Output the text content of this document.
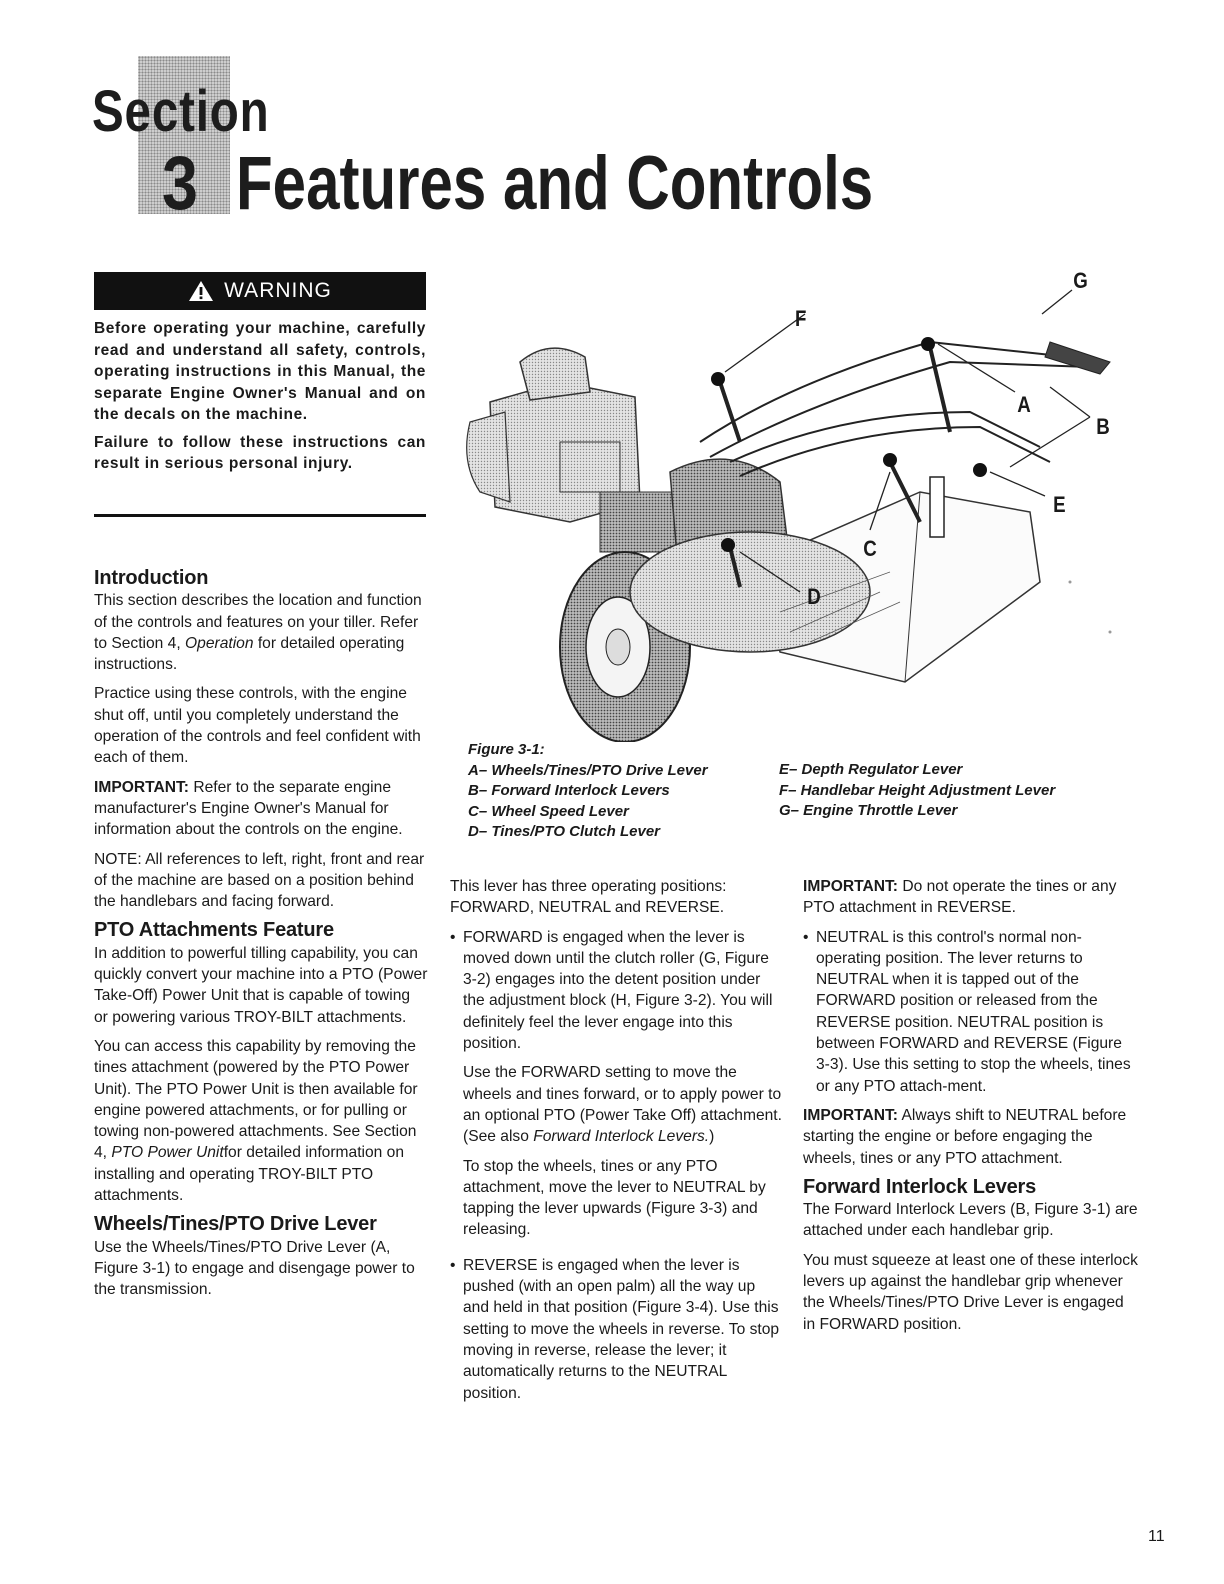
Section
3 Features and Controls
WARNING
Before operating your machine, carefully read and understand all safety, controls, operating instructions in this Manual, the separate Engine Owner's Manual and on the decals on the machine.
Failure to follow these instructions can result in serious personal injury.
Introduction

This section describes the location and function of the controls and features on your tiller. Refer to Section 4, Operation for detailed operating instructions.

Practice using these controls, with the engine shut off, until you completely understand the operation of the controls and feel confident with each of them.

IMPORTANT: Refer to the separate engine manufacturer's Engine Owner's Manual for information about the controls on the engine.

NOTE: All references to left, right, front and rear of the machine are based on a position behind the handlebars and facing forward.

PTO Attachments Feature

In addition to powerful tilling capability, you can quickly convert your machine into a PTO (Power Take-Off) Power Unit that is capable of towing or powering various TROY-BILT attachments.

You can access this capability by removing the tines attachment (powered by the PTO Power Unit). The PTO Power Unit is then available for engine powered attachments, or for pulling or towing non-powered attachments. See Section 4, PTO Power Unitfor detailed information on installing and operating TROY-BILT PTO attachments.

Wheels/Tines/PTO Drive Lever

Use the Wheels/Tines/PTO Drive Lever (A, Figure 3-1) to engage and disengage power to the transmission.

This lever has three operating positions: FORWARD, NEUTRAL and REVERSE.

• FORWARD is engaged when the lever is moved down until the clutch roller (G, Figure 3-2) engages into the detent position under the adjustment block (H, Figure 3-2). You will definitely feel the lever engage into this position.

Use the FORWARD setting to move the wheels and tines forward, or to apply power to an optional PTO (Power Take Off) attachment. (See also Forward Interlock Levers.)

To stop the wheels, tines or any PTO attachment, move the lever to NEUTRAL by tapping the lever upwards (Figure 3-3) and releasing.

• REVERSE is engaged when the lever is pushed (with an open palm) all the way up and held in that position (Figure 3-4). Use this setting to move the wheels in reverse. To stop moving in reverse, release the lever; it automatically returns to the NEUTRAL position.

IMPORTANT: Do not operate the tines or any PTO attachment in REVERSE.

• NEUTRAL is this control's normal non-operating position. The lever returns to NEUTRAL when it is tapped out of the FORWARD position or released from the REVERSE position. NEUTRAL position is between FORWARD and REVERSE (Figure 3-3). Use this setting to stop the wheels, tines or any PTO attach-ment.

IMPORTANT: Always shift to NEUTRAL before starting the engine or before engaging the wheels, tines or any PTO attachment.

Forward Interlock Levers

The Forward Interlock Levers (B, Figure 3-1) are attached under each handlebar grip.

You must squeeze at least one of these interlock levers up against the handlebar grip whenever the Wheels/Tines/PTO Drive Lever is engaged in FORWARD position.

Figure 3-1:
A– Wheels/Tines/PTO Drive Lever
B– Forward Interlock Levers
C– Wheel Speed Lever
D– Tines/PTO Clutch Lever
E– Depth Regulator Lever
F– Handlebar Height Adjustment Lever
G– Engine Throttle Lever
A
B
C
D
E
F
G
11
